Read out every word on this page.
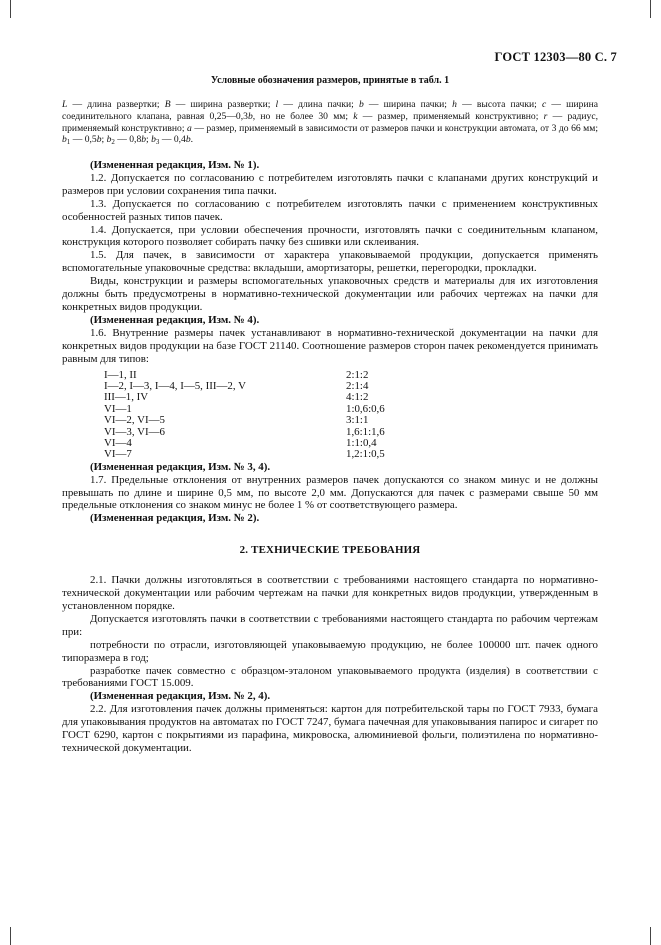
ГОСТ 12303—80 С. 7
Условные обозначения размеров, принятые в табл. 1
L — длина развертки; B — ширина развертки; l — длина пачки; b — ширина пачки; h — высота пачки; c — ширина соединительного клапана, равная 0,25—0,3b, но не более 30 мм; k — размер, применяемый конструктивно; r — радиус, применяемый конструктивно; a — размер, применяемый в зависимости от размеров пачки и конструкции автомата, от 3 до 66 мм; $b_1$ — 0,5b; $b_2$ — 0,8b; $b_3$ — 0,4b.

(Измененная редакция, Изм. № 1).

1.2. Допускается по согласованию с потребителем изготовлять пачки с клапанами других конструкций и размеров при условии сохранения типа пачки.

1.3. Допускается по согласованию с потребителем изготовлять пачки с применением конструктивных особенностей разных типов пачек.

1.4. Допускается, при условии обеспечения прочности, изготовлять пачки с соединительным клапаном, конструкция которого позволяет собирать пачку без сшивки или склеивания.

1.5. Для пачек, в зависимости от характера упаковываемой продукции, допускается применять вспомогательные упаковочные средства: вкладыши, амортизаторы, решетки, перегородки, прокладки.

Виды, конструкции и размеры вспомогательных упаковочных средств и материалы для их изготовления должны быть предусмотрены в нормативно-технической документации или рабочих чертежах на пачки для конкретных видов продукции.

(Измененная редакция, Изм. № 4).

1.6. Внутренние размеры пачек устанавливают в нормативно-технической документации на пачки для конкретных видов продукции на базе ГОСТ 21140. Соотношение размеров сторон пачек рекомендуется принимать равным для типов:

I—1, II	2:1:2
I—2, I—3, I—4, I—5, III—2, V	2:1:4
III—1, IV	4:1:2
VI—1	1:0,6:0,6
VI—2, VI—5	3:1:1
VI—3, VI—6	1,6:1:1,6
VI—4	1:1:0,4
VI—7	1,2:1:0,5

(Измененная редакция, Изм. № 3, 4).

1.7. Предельные отклонения от внутренних размеров пачек допускаются со знаком минус и не должны превышать по длине и ширине 0,5 мм, по высоте 2,0 мм. Допускаются для пачек с размерами свыше 50 мм предельные отклонения со знаком минус не более 1 % от соответствующего размера.

(Измененная редакция, Изм. № 2).

2. ТЕХНИЧЕСКИЕ ТРЕБОВАНИЯ

2.1. Пачки должны изготовляться в соответствии с требованиями настоящего стандарта по нормативно-технической документации или рабочим чертежам на пачки для конкретных видов продукции, утвержденным в установленном порядке.

Допускается изготовлять пачки в соответствии с требованиями настоящего стандарта по рабочим чертежам при:

потребности по отрасли, изготовляющей упаковываемую продукцию, не более 100000 шт. пачек одного типоразмера в год;

разработке пачек совместно с образцом-эталоном упаковываемого продукта (изделия) в соответствии с требованиями ГОСТ 15.009.

(Измененная редакция, Изм. № 2, 4).

2.2. Для изготовления пачек должны применяться: картон для потребительской тары по ГОСТ 7933, бумага для упаковывания продуктов на автоматах по ГОСТ 7247, бумага пачечная для упаковывания папирос и сигарет по ГОСТ 6290, картон с покрытиями из парафина, микровоска, алюминиевой фольги, полиэтилена по нормативно-технической документации.
